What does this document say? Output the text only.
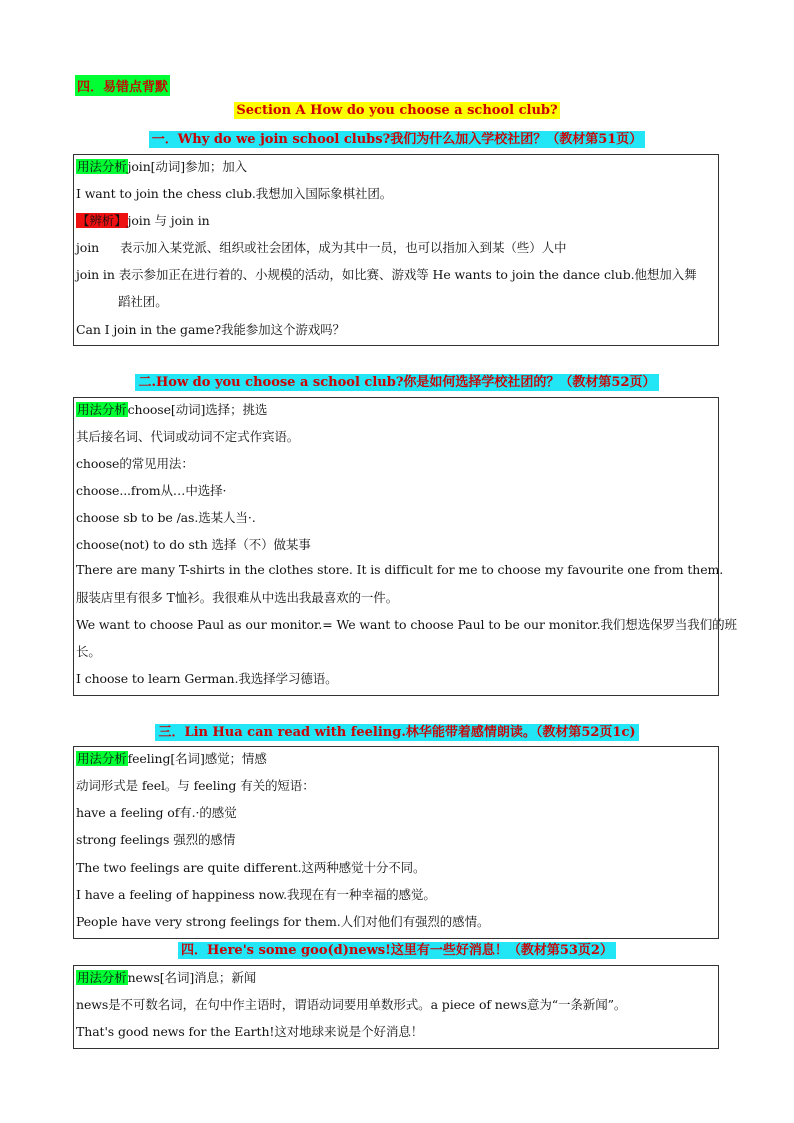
四．易错点背默
Section A How do you choose a school club?
一．Why do we join school clubs?我们为什么加入学校社团？（教材第51页）
用法分析join[动词]参加；加入
I want to join the chess club.我想加入国际象棋社团。
【辨析】join 与 join in
join 表示加入某党派、组织或社会团体，成为其中一员，也可以指加入到某（些）人中
join in 表示参加正在进行着的、小规模的活动，如比赛、游戏等 He wants to join the dance club.他想加入舞
蹈社团。
Can I join in the game?我能参加这个游戏吗？
二.How do you choose a school club?你是如何选择学校社团的？（教材第52页）
用法分析choose[动词]选择；挑选
其后接名词、代词或动词不定式作宾语。
choose的常见用法：
choose...from从…中选择·
choose sb to be /as.选某人当·.
choose(not) to do sth 选择（不）做某事
There are many T-shirts in the clothes store. It is difficult for me to choose my favourite one from them.
服装店里有很多 T恤衫。我很难从中选出我最喜欢的一件。
We want to choose Paul as our monitor.= We want to choose Paul to be our monitor.我们想选保罗当我们的班
长。
I choose to learn German.我选择学习德语。
三．Lin Hua can read with feeling.林华能带着感情朗读。（教材第52页1c)
用法分析feeling[名词]感觉；情感
动词形式是 feel。与 feeling 有关的短语：
have a feeling of有.·的感觉
strong feelings 强烈的感情
The two feelings are quite different.这两种感觉十分不同。
I have a feeling of happiness now.我现在有一种幸福的感觉。
People have very strong feelings for them.人们对他们有强烈的感情。
四．Here's some goo(d)news!这里有一些好消息！（教材第53页2）
用法分析news[名词]消息；新闻
news是不可数名词，在句中作主语时，谓语动词要用单数形式。a piece of news意为“一条新闻”。
That's good news for the Earth!这对地球来说是个好消息！
